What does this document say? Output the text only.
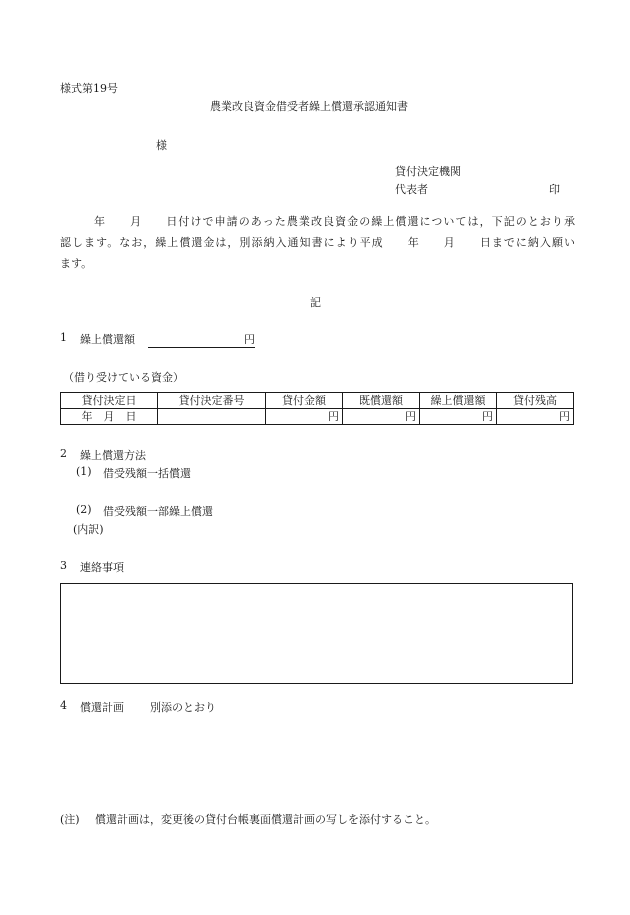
様式第19号
農業改良資金借受者繰上償還承認通知書
様
貸付決定機関
代表者	印
年　　月　　日付けで申請のあった農業改良資金の繰上償還については，下記のとおり承
認します。なお，繰上償還金は，別添納入通知書により平成　　年　　月　　日までに納入願い
ます。
記
1 繰上償還額	円
（借り受けている資金）
貸付決定日	貸付決定番号	貸付金額	既償還額	繰上償還額	貸付残高
年　月　日		円	円	円	円
2 繰上償還方法
(1) 借受残額一括償還
(2) 借受残額一部繰上償還
(内訳)
3 連絡事項
4 償還計画 別添のとおり
(注) 償還計画は，変更後の貸付台帳裏面償還計画の写しを添付すること。
